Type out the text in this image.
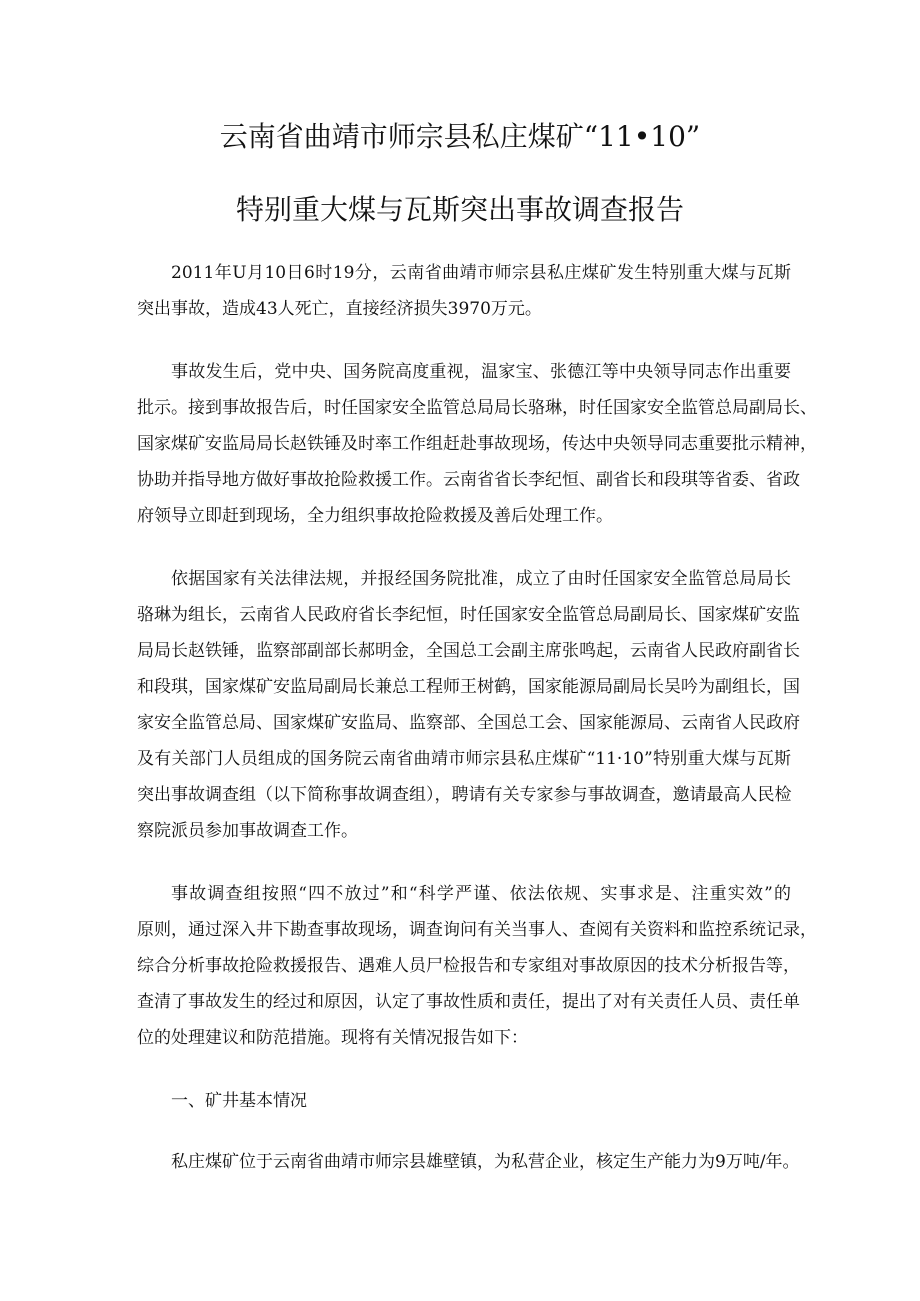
云南省曲靖市师宗县私庄煤矿“11•10”
特别重大煤与瓦斯突出事故调查报告
2011年U月10日6时19分，云南省曲靖市师宗县私庄煤矿发生特别重大煤与瓦斯
突出事故，造成43人死亡，直接经济损失3970万元。
事故发生后，党中央、国务院高度重视，温家宝、张德江等中央领导同志作出重要
批示。接到事故报告后，时任国家安全监管总局局长骆琳，时任国家安全监管总局副局长、
国家煤矿安监局局长赵铁锤及时率工作组赶赴事故现场，传达中央领导同志重要批示精神，
协助并指导地方做好事故抢险救援工作。云南省省长李纪恒、副省长和段琪等省委、省政
府领导立即赶到现场，全力组织事故抢险救援及善后处理工作。
依据国家有关法律法规，并报经国务院批准，成立了由时任国家安全监管总局局长
骆琳为组长，云南省人民政府省长李纪恒，时任国家安全监管总局副局长、国家煤矿安监
局局长赵铁锤，监察部副部长郝明金，全国总工会副主席张鸣起，云南省人民政府副省长
和段琪，国家煤矿安监局副局长兼总工程师王树鹤，国家能源局副局长吴吟为副组长，国
家安全监管总局、国家煤矿安监局、监察部、全国总工会、国家能源局、云南省人民政府
及有关部门人员组成的国务院云南省曲靖市师宗县私庄煤矿“11·10”特别重大煤与瓦斯
突出事故调查组（以下简称事故调查组），聘请有关专家参与事故调查，邀请最高人民检
察院派员参加事故调查工作。
事故调查组按照“四不放过”和“科学严谨、依法依规、实事求是、注重实效”的
原则，通过深入井下勘查事故现场，调查询问有关当事人、查阅有关资料和监控系统记录，
综合分析事故抢险救援报告、遇难人员尸检报告和专家组对事故原因的技术分析报告等，
查清了事故发生的经过和原因，认定了事故性质和责任，提出了对有关责任人员、责任单
位的处理建议和防范措施。现将有关情况报告如下：
一、矿井基本情况
私庄煤矿位于云南省曲靖市师宗县雄壁镇，为私营企业，核定生产能力为9万吨/年。
